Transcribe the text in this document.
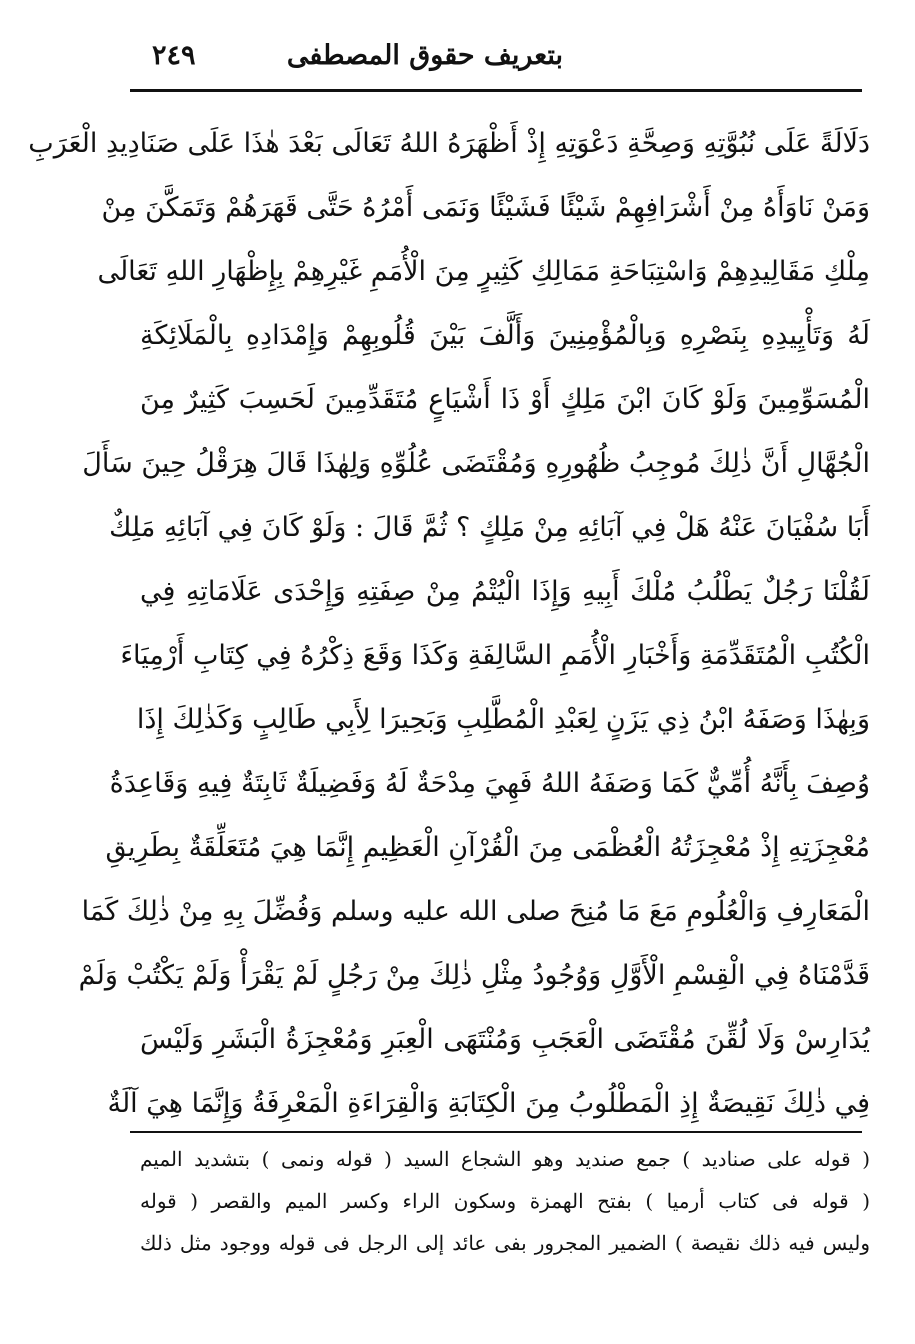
بتعريف حقوق المصطفى
٢٤٩
دَلَالَةً عَلَى نُبُوَّتِهِ وَصِحَّةِ دَعْوَتِهِ إِذْ أَظْهَرَهُ اللهُ تَعَالَى بَعْدَ هٰذَا عَلَى صَنَادِيدِ الْعَرَبِ
وَمَنْ نَاوَأَهُ مِنْ أَشْرَافِهِمْ شَيْئًا فَشَيْئًا وَنَمَى أَمْرُهُ حَتَّى قَهَرَهُمْ وَتَمَكَّنَ مِنْ
مِلْكِ مَقَالِيدِهِمْ وَاسْتِبَاحَةِ مَمَالِكِ كَثِيرٍ مِنَ الْأُمَمِ غَيْرِهِمْ بِإِظْهَارِ اللهِ تَعَالَى
لَهُ وَتَأْيِيدِهِ بِنَصْرِهِ وَبِالْمُؤْمِنِينَ وَأَلَّفَ بَيْنَ قُلُوبِهِمْ وَإِمْدَادِهِ بِالْمَلَائِكَةِ
الْمُسَوِّمِينَ وَلَوْ كَانَ ابْنَ مَلِكٍ أَوْ ذَا أَشْيَاعٍ مُتَقَدِّمِينَ لَحَسِبَ كَثِيرٌ مِنَ
الْجُهَّالِ أَنَّ ذٰلِكَ مُوجِبُ ظُهُورِهِ وَمُقْتَضَى عُلُوِّهِ وَلِهٰذَا قَالَ هِرَقْلُ حِينَ سَأَلَ
أَبَا سُفْيَانَ عَنْهُ هَلْ فِي آبَائِهِ مِنْ مَلِكٍ ؟ ثُمَّ قَالَ : وَلَوْ كَانَ فِي آبَائِهِ مَلِكٌ
لَقُلْنَا رَجُلٌ يَطْلُبُ مُلْكَ أَبِيهِ وَإِذَا الْيُتْمُ مِنْ صِفَتِهِ وَإِحْدَى عَلَامَاتِهِ فِي
الْكُتُبِ الْمُتَقَدِّمَةِ وَأَخْبَارِ الْأُمَمِ السَّالِفَةِ وَكَذَا وَقَعَ ذِكْرُهُ فِي كِتَابِ أَرْمِيَاءَ
وَبِهٰذَا وَصَفَهُ ابْنُ ذِي يَزَنٍ لِعَبْدِ الْمُطَّلِبِ وَبَحِيرَا لِأَبِي طَالِبٍ وَكَذٰلِكَ إِذَا
وُصِفَ بِأَنَّهُ أُمِّيٌّ كَمَا وَصَفَهُ اللهُ فَهِيَ مِدْحَةٌ لَهُ وَفَضِيلَةٌ ثَابِتَةٌ فِيهِ وَقَاعِدَةُ
مُعْجِزَتِهِ إِذْ مُعْجِزَتُهُ الْعُظْمَى مِنَ الْقُرْآنِ الْعَظِيمِ إِنَّمَا هِيَ مُتَعَلِّقَةٌ بِطَرِيقِ
الْمَعَارِفِ وَالْعُلُومِ مَعَ مَا مُنِحَ صلى الله عليه وسلم وَفُضِّلَ بِهِ مِنْ ذٰلِكَ كَمَا
قَدَّمْنَاهُ فِي الْقِسْمِ الْأَوَّلِ وَوُجُودُ مِثْلِ ذٰلِكَ مِنْ رَجُلٍ لَمْ يَقْرَأْ وَلَمْ يَكْتُبْ وَلَمْ
يُدَارِسْ وَلَا لُقِّنَ مُقْتَضَى الْعَجَبِ وَمُنْتَهَى الْعِبَرِ وَمُعْجِزَةُ الْبَشَرِ وَلَيْسَ
فِي ذٰلِكَ نَقِيصَةٌ إِذِ الْمَطْلُوبُ مِنَ الْكِتَابَةِ وَالْقِرَاءَةِ الْمَعْرِفَةُ وَإِنَّمَا هِيَ آلَةٌ
( قوله على صناديد ) جمع صنديد وهو الشجاع السيد ( قوله ونمى ) بتشديد الميم
( قوله فى كتاب أرميا ) بفتح الهمزة وسكون الراء وكسر الميم والقصر ( قوله
وليس فيه ذلك نقيصة ) الضمير المجرور بفى عائد إلى الرجل فى قوله ووجود مثل ذلك
